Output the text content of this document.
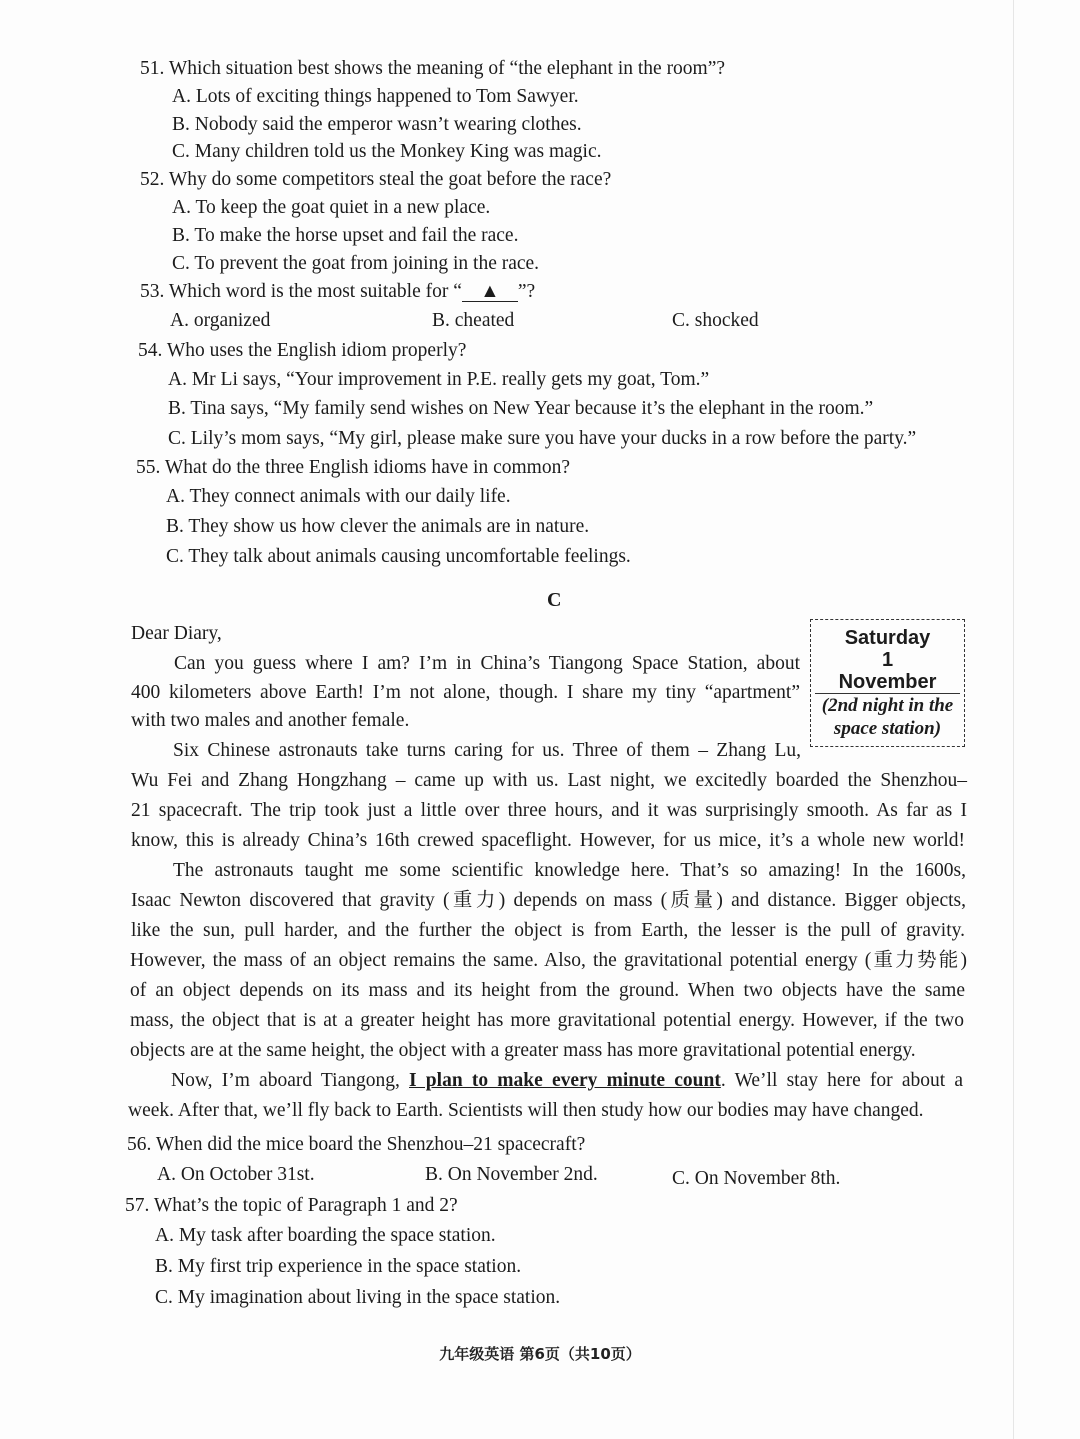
51. Which situation best shows the meaning of “the elephant in the room”?
A. Lots of exciting things happened to Tom Sawyer.
B. Nobody said the emperor wasn’t wearing clothes.
C. Many children told us the Monkey King was magic.
52. Why do some competitors steal the goat before the race?
A. To keep the goat quiet in a new place.
B. To make the horse upset and fail the race.
C. To prevent the goat from joining in the race.
53. Which word is the most suitable for “ ▲ ”?
A. organized	B. cheated	C. shocked
54. Who uses the English idiom properly?
A. Mr Li says, “Your improvement in P.E. really gets my goat, Tom.”
B. Tina says, “My family send wishes on New Year because it’s the elephant in the room.”
C. Lily’s mom says, “My girl, please make sure you have your ducks in a row before the party.”
55. What do the three English idioms have in common?
A. They connect animals with our daily life.
B. They show us how clever the animals are in nature.
C. They talk about animals causing uncomfortable feelings.
C
Saturday
1
November
(2nd night in the space station)
Dear Diary,
Can you guess where I am? I’m in China’s Tiangong Space Station, about
400 kilometers above Earth! I’m not alone, though. I share my tiny “apartment”
with two males and another female.
Six Chinese astronauts take turns caring for us. Three of them – Zhang Lu,
Wu Fei and Zhang Hongzhang – came up with us. Last night, we excitedly boarded the Shenzhou–
21 spacecraft. The trip took just a little over three hours, and it was surprisingly smooth. As far as I
know, this is already China’s 16th crewed spaceflight. However, for us mice, it’s a whole new world!
The astronauts taught me some scientific knowledge here. That’s so amazing! In the 1600s,
Isaac Newton discovered that gravity (重力) depends on mass (质量) and distance. Bigger objects,
like the sun, pull harder, and the further the object is from Earth, the lesser is the pull of gravity.
However, the mass of an object remains the same. Also, the gravitational potential energy (重力势能)
of an object depends on its mass and its height from the ground. When two objects have the same
mass, the object that is at a greater height has more gravitational potential energy. However, if the two
objects are at the same height, the object with a greater mass has more gravitational potential energy.
Now, I’m aboard Tiangong, I plan to make every minute count. We’ll stay here for about a
week. After that, we’ll fly back to Earth. Scientists will then study how our bodies may have changed.
56. When did the mice board the Shenzhou–21 spacecraft?
A. On October 31st.	B. On November 2nd.	C. On November 8th.
57. What’s the topic of Paragraph 1 and 2?
A. My task after boarding the space station.
B. My first trip experience in the space station.
C. My imagination about living in the space station.
九年级英语 第6页（共10页）
